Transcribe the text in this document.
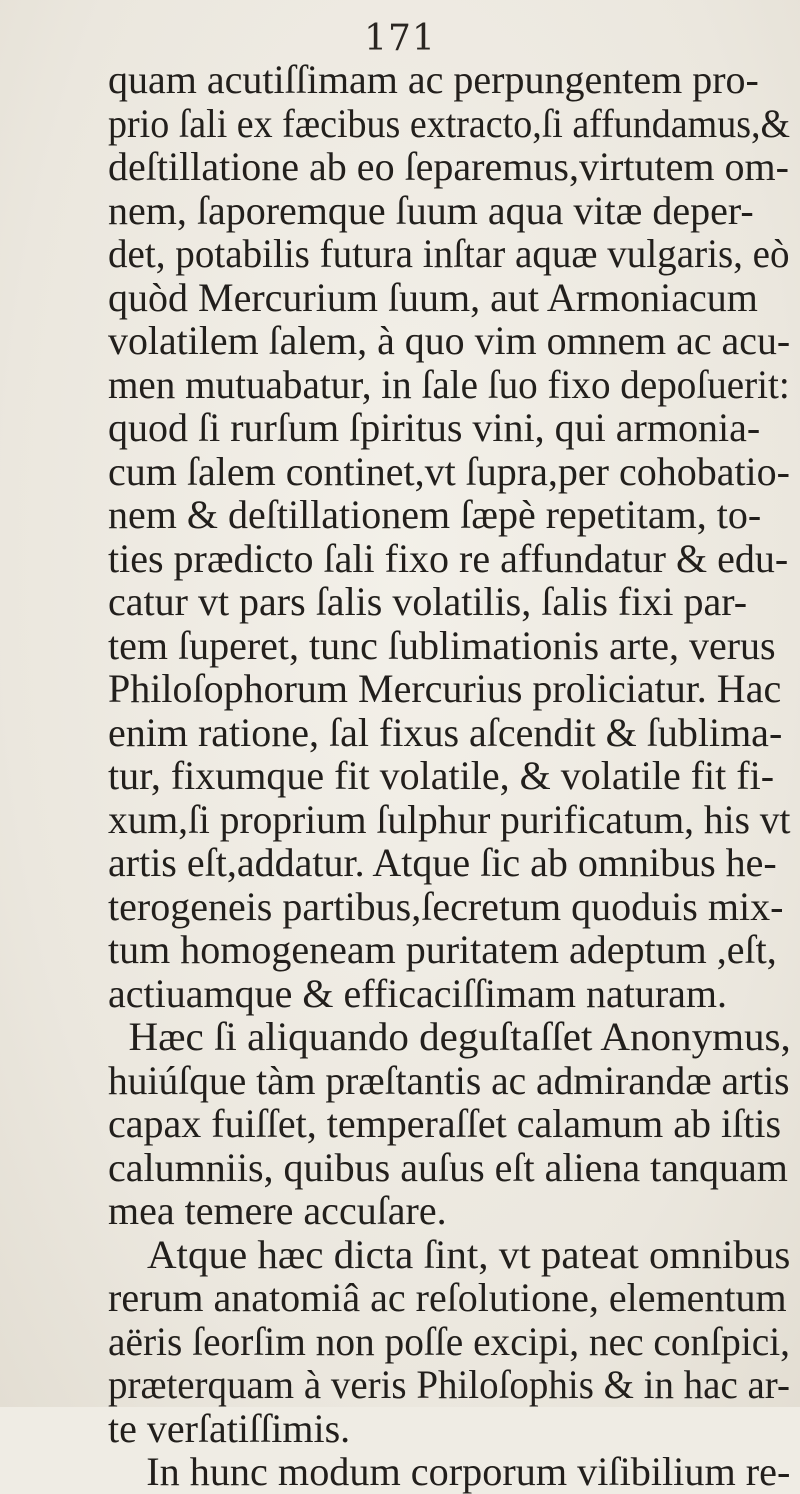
171
quam acutiſſimam ac perpungentem pro-
prio ſali ex fæcibus extracto,ſi affundamus,&
deſtillatione ab eo ſeparemus,virtutem om-
nem, ſaporemque ſuum aqua vitæ deper-
det, potabilis futura inſtar aquæ vulgaris, eò
quòd Mercurium ſuum, aut Armoniacum
volatilem ſalem, à quo vim omnem ac acu-
men mutuabatur, in ſale ſuo fixo depoſuerit:
quod ſi rurſum ſpiritus vini, qui armonia-
cum ſalem continet,vt ſupra,per cohobatio-
nem & deſtillationem ſæpè repetitam, to-
ties prædicto ſali fixo re affundatur & edu-
catur vt pars ſalis volatilis, ſalis fixi par-
tem ſuperet, tunc ſublimationis arte, verus
Philoſophorum Mercurius proliciatur. Hac
enim ratione, ſal fixus aſcendit & ſublima-
tur, fixumque fit volatile, & volatile fit fi-
xum,ſi proprium ſulphur purificatum, his vt
artis eſt,addatur. Atque ſic ab omnibus he-
terogeneis partibus,ſecretum quoduis mix-
tum homogeneam puritatem adeptum ,eſt,
actiuamque & efficaciſſimam naturam.
Hæc ſi aliquando deguſtaſſet Anonymus,
huiúſque tàm præſtantis ac admirandæ artis
capax fuiſſet, temperaſſet calamum ab iſtis
calumniis, quibus auſus eſt aliena tanquam
mea temere accuſare.
Atque hæc dicta ſint, vt pateat omnibus
rerum anatomiâ ac reſolutione, elementum
aëris ſeorſim non poſſe excipi, nec conſpici,
præterquam à veris Philoſophis & in hac ar-
te verſatiſſimis.
In hunc modum corporum viſibilium re-
